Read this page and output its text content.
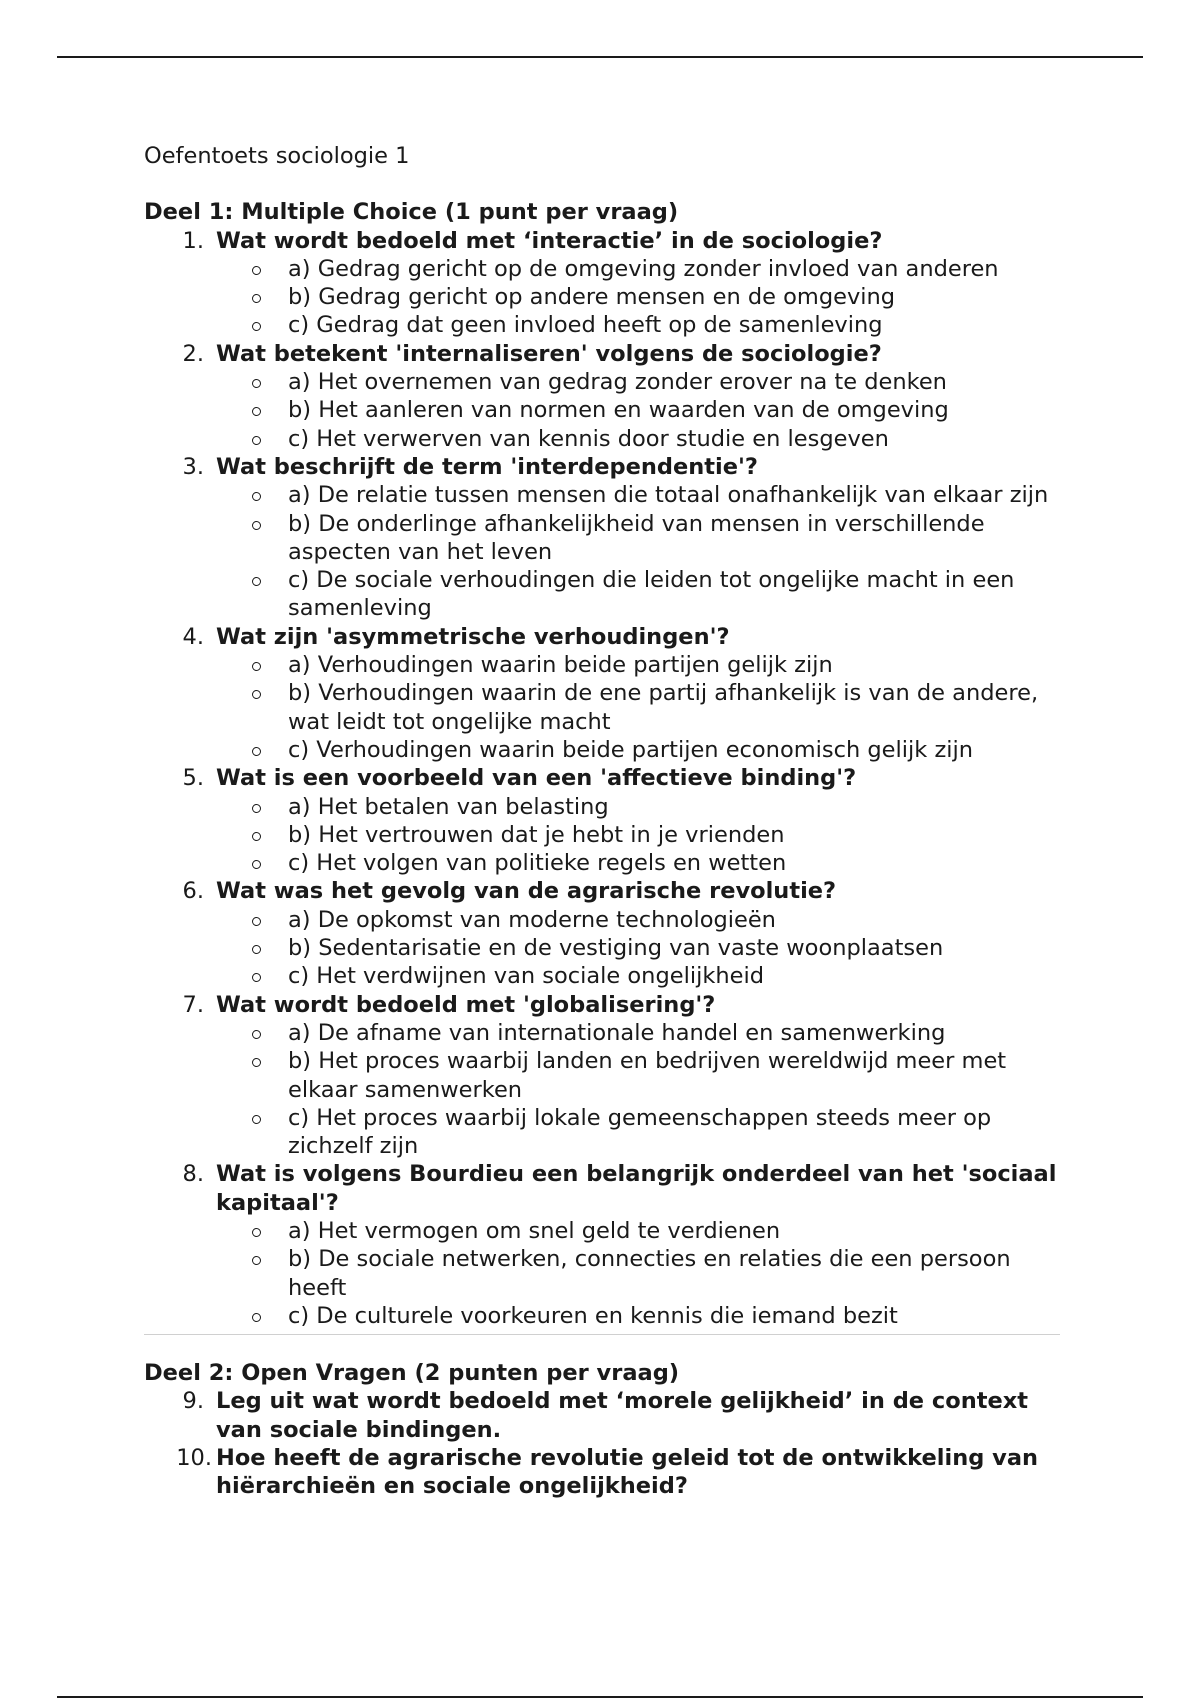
Oefentoets sociologie 1

Deel 1: Multiple Choice (1 punt per vraag)
1. Wat wordt bedoeld met ‘interactie’ in de sociologie?
a) Gedrag gericht op de omgeving zonder invloed van anderen
b) Gedrag gericht op andere mensen en de omgeving
c) Gedrag dat geen invloed heeft op de samenleving
2. Wat betekent 'internaliseren' volgens de sociologie?
a) Het overnemen van gedrag zonder erover na te denken
b) Het aanleren van normen en waarden van de omgeving
c) Het verwerven van kennis door studie en lesgeven
3. Wat beschrijft de term 'interdependentie'?
a) De relatie tussen mensen die totaal onafhankelijk van elkaar zijn
b) De onderlinge afhankelijkheid van mensen in verschillende aspecten van het leven
c) De sociale verhoudingen die leiden tot ongelijke macht in een samenleving
4. Wat zijn 'asymmetrische verhoudingen'?
a) Verhoudingen waarin beide partijen gelijk zijn
b) Verhoudingen waarin de ene partij afhankelijk is van de andere, wat leidt tot ongelijke macht
c) Verhoudingen waarin beide partijen economisch gelijk zijn
5. Wat is een voorbeeld van een 'affectieve binding'?
a) Het betalen van belasting
b) Het vertrouwen dat je hebt in je vrienden
c) Het volgen van politieke regels en wetten
6. Wat was het gevolg van de agrarische revolutie?
a) De opkomst van moderne technologieën
b) Sedentarisatie en de vestiging van vaste woonplaatsen
c) Het verdwijnen van sociale ongelijkheid
7. Wat wordt bedoeld met 'globalisering'?
a) De afname van internationale handel en samenwerking
b) Het proces waarbij landen en bedrijven wereldwijd meer met elkaar samenwerken
c) Het proces waarbij lokale gemeenschappen steeds meer op zichzelf zijn
8. Wat is volgens Bourdieu een belangrijk onderdeel van het 'sociaal kapitaal'?
a) Het vermogen om snel geld te verdienen
b) De sociale netwerken, connecties en relaties die een persoon heeft
c) De culturele voorkeuren en kennis die iemand bezit
Deel 2: Open Vragen (2 punten per vraag)
9. Leg uit wat wordt bedoeld met ‘morele gelijkheid’ in de context van sociale bindingen.
10. Hoe heeft de agrarische revolutie geleid tot de ontwikkeling van hiërarchieën en sociale ongelijkheid?
